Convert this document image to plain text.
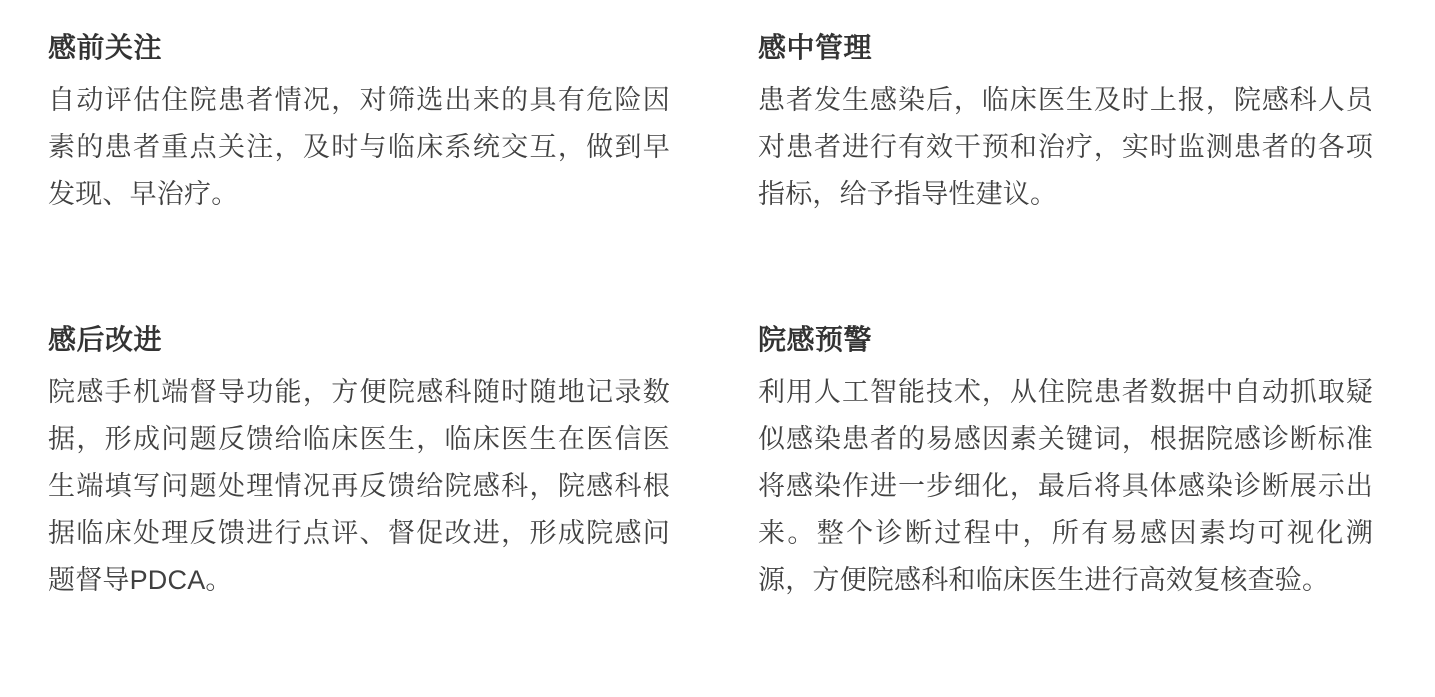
感前关注

自动评估住院患者情况，对筛选出来的具有危险因素的患者重点关注，及时与临床系统交互，做到早发现、早治疗。

感中管理

患者发生感染后，临床医生及时上报，院感科人员对患者进行有效干预和治疗，实时监测患者的各项指标，给予指导性建议。

感后改进

院感手机端督导功能，方便院感科随时随地记录数据，形成问题反馈给临床医生，临床医生在医信医生端填写问题处理情况再反馈给院感科，院感科根据临床处理反馈进行点评、督促改进，形成院感问题督导PDCA。

院感预警

利用人工智能技术，从住院患者数据中自动抓取疑似感染患者的易感因素关键词，根据院感诊断标准将感染作进一步细化，最后将具体感染诊断展示出来。整个诊断过程中，所有易感因素均可视化溯源，方便院感科和临床医生进行高效复核查验。
